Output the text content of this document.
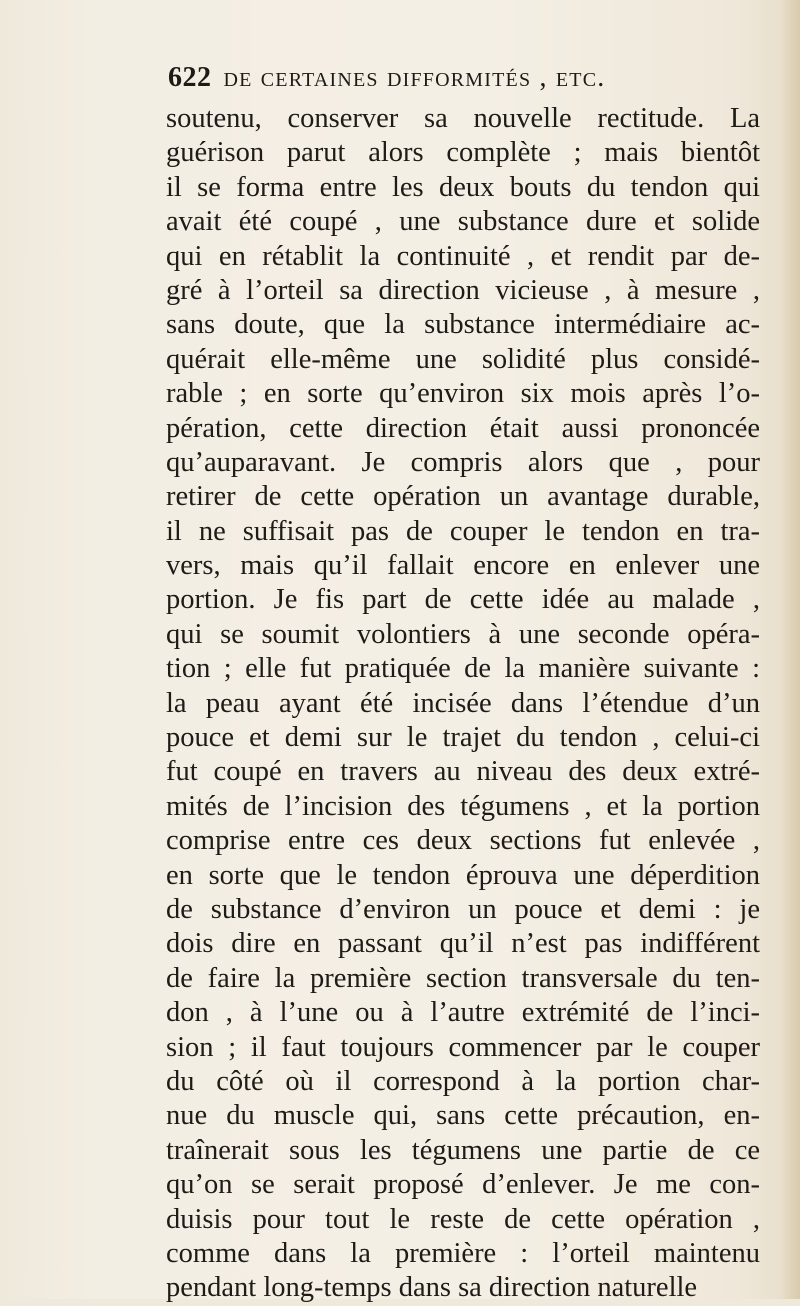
622 de certaines difformités , etc.
soutenu, conserver sa nouvelle rectitude. La
guérison parut alors complète ; mais bientôt
il se forma entre les deux bouts du tendon qui
avait été coupé , une substance dure et solide
qui en rétablit la continuité , et rendit par de-
gré à l’orteil sa direction vicieuse , à mesure ,
sans doute, que la substance intermédiaire ac-
quérait elle-même une solidité plus considé-
rable ; en sorte qu’environ six mois après l’o-
pération, cette direction était aussi prononcée
qu’auparavant. Je compris alors que , pour
retirer de cette opération un avantage durable,
il ne suffisait pas de couper le tendon en tra-
vers, mais qu’il fallait encore en enlever une
portion. Je fis part de cette idée au malade ,
qui se soumit volontiers à une seconde opéra-
tion ; elle fut pratiquée de la manière suivante :
la peau ayant été incisée dans l’étendue d’un
pouce et demi sur le trajet du tendon , celui-ci
fut coupé en travers au niveau des deux extré-
mités de l’incision des tégumens , et la portion
comprise entre ces deux sections fut enlevée ,
en sorte que le tendon éprouva une déperdition
de substance d’environ un pouce et demi : je
dois dire en passant qu’il n’est pas indifférent
de faire la première section transversale du ten-
don , à l’une ou à l’autre extrémité de l’inci-
sion ; il faut toujours commencer par le couper
du côté où il correspond à la portion char-
nue du muscle qui, sans cette précaution, en-
traînerait sous les tégumens une partie de ce
qu’on se serait proposé d’enlever. Je me con-
duisis pour tout le reste de cette opération ,
comme dans la première : l’orteil maintenu
pendant long-temps dans sa direction naturelle
